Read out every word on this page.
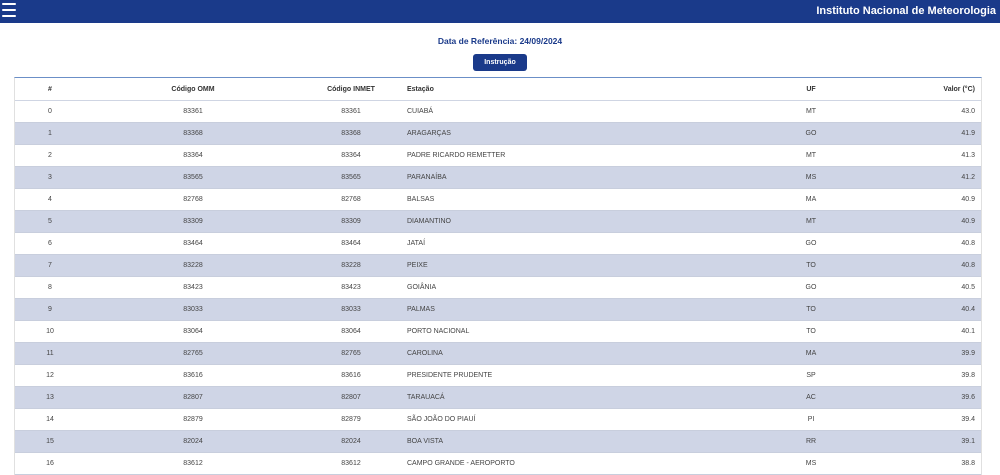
Instituto Nacional de Meteorologia
Data de Referência: 24/09/2024
Instrução
#	Código OMM	Código INMET	Estação	UF	Valor (°C)
0	83361	83361	CUIABÁ	MT	43.0
1	83368	83368	ARAGARÇAS	GO	41.9
2	83364	83364	PADRE RICARDO REMETTER	MT	41.3
3	83565	83565	PARANAÍBA	MS	41.2
4	82768	82768	BALSAS	MA	40.9
5	83309	83309	DIAMANTINO	MT	40.9
6	83464	83464	JATAÍ	GO	40.8
7	83228	83228	PEIXE	TO	40.8
8	83423	83423	GOIÂNIA	GO	40.5
9	83033	83033	PALMAS	TO	40.4
10	83064	83064	PORTO NACIONAL	TO	40.1
11	82765	82765	CAROLINA	MA	39.9
12	83616	83616	PRESIDENTE PRUDENTE	SP	39.8
13	82807	82807	TARAUACÁ	AC	39.6
14	82879	82879	SÃO JOÃO DO PIAUÍ	PI	39.4
15	82024	82024	BOA VISTA	RR	39.1
16	83612	83612	CAMPO GRANDE - AEROPORTO	MS	38.8
